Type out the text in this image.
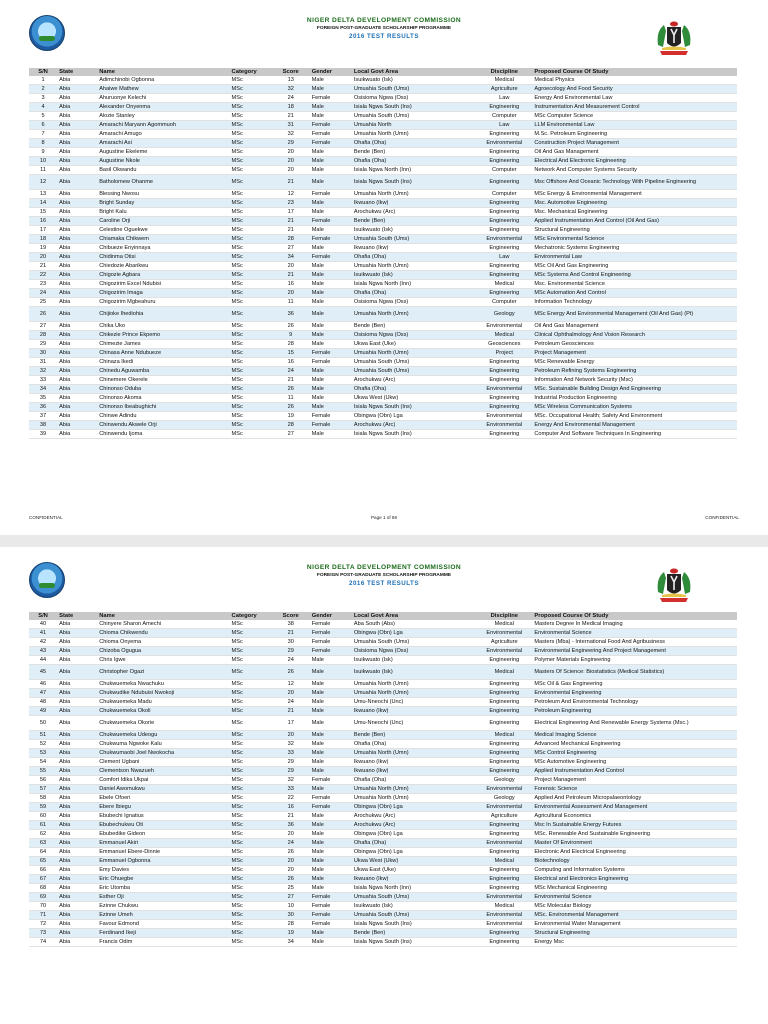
NIGER DELTA DEVELOPMENT COMMISSION
FOREIGN POST-GRADUATE SCHOLARSHIP PROGRAMME
2016 TEST RESULTS
S/N	State	Name	Category	Score	Gender	Local Govt Area	Discipline	Proposed Course Of Study
1	Abia	Adimchinobi Ogbonna	MSc	13	Male	Isuikwuato (Isk)	Medical	Medical Physics
2	Abia	Ahaiwe Mathew	MSc	32	Male	Umuahia South (Ums)	Agriculture	Agroecology And Food Security
3	Abia	Ahuruonye Kelechi	MSc	24	Female	Osisioma Ngwa (Oss)	Law	Energy And Environmental Law
4	Abia	Alexander Onyenma	MSc	18	Male	Isiala Ngwa South (Ins)	Engineering	Instrumentation And Measurement Control
5	Abia	Alozie Stanley	MSc	21	Male	Umuahia South (Ums)	Computer	MSc Computer Science
6	Abia	Amarachi Maryann Agommuoh	MSc	31	Female	Umuahia North	Law	LLM Environmental Law
7	Abia	Amarachi Amugo	MSc	32	Female	Umuahia North (Umn)	Engineering	M.Sc. Petroleum Engineering
8	Abia	Amarachi Asi	MSc	29	Female	Ohafia (Oha)	Environmental	Construction Project Management
9	Abia	Augustine Ekeleme	MSc	20	Male	Bende (Ben)	Engineering	Oil And Gas Management
10	Abia	Augustine Nkole	MSc	20	Male	Ohafia (Oha)	Engineering	Electrical And Electronic Engineering
11	Abia	Basil Okwandu	MSc	20	Male	Isiala Ngwa North (Inn)	Computer	Network And Computer Systems Security
12	Abia	Batholomew Ohanme	MSc	21	Male	Isiala Ngwa South (Ins)	Engineering	Msc Offshore And Oceanic Technology With Pipeline Engineering
13	Abia	Blessing Nwosu	MSc	12	Female	Umuahia North (Umn)	Computer	MSc Energy & Environmental Management
14	Abia	Bright Sunday	MSc	23	Male	Ikwuano (Ikw)	Engineering	Msc. Automotive Engineering
15	Abia	Bright Kalu	MSc	17	Male	Arochukwu (Arc)	Engineering	Msc. Mechanical Engineering
16	Abia	Caroline Orji	MSc	21	Female	Bende (Ben)	Engineering	Applied Instrumentation And Control (Oil And Gas)
17	Abia	Celestine Oguekwe	MSc	21	Male	Isuikwuato (Isk)	Engineering	Structural Engineering
18	Abia	Chiamaka Chikwem	MSc	28	Female	Umuahia South (Ums)	Environmental	MSc Environmental Science
19	Abia	Chibueze Enyinnaya	MSc	27	Male	Ikwuano (Ikw)	Engineering	Mechatronic Systems Engineering
20	Abia	Chidinma Otisi	MSc	34	Female	Ohafia (Oha)	Law	Environmental Law
21	Abia	Chiedozie Abarikwu	MSc	20	Male	Umuahia North (Umn)	Engineering	MSc Oil And Gas Engineering
22	Abia	Chigozie Agbara	MSc	21	Male	Isuikwuato (Isk)	Engineering	MSc Systems And Control Engineering
23	Abia	Chigozirim Excel Ndubisi	MSc	16	Male	Isiala Ngwa North (Inn)	Medical	Msc. Environmental Science
24	Abia	Chigozirim Imaga	MSc	20	Male	Ohafia (Oha)	Engineering	MSc Automation And Control
25	Abia	Chigozirim Mgbeahuru	MSc	11	Male	Osisioma Ngwa (Oss)	Computer	Information Technology
26	Abia	Chijioke Ihediohia	MSc	36	Male	Umuahia North (Umn)	Geology	MSc Energy And Environmental Management (Oil And Gas) (Pt)
27	Abia	Chika Uko	MSc	26	Male	Bende (Ben)	Environmental	Oil And Gas Management
28	Abia	Chikezie Prince Ekpemo	MSc	9	Male	Osisioma Ngwa (Oss)	Medical	Clinical Ophthalmology And Vision Research
29	Abia	Chimezie James	MSc	28	Male	Ukwa East (Uke)	Geosciences	Petroleum Geosciences
30	Abia	Chinasa Anne Ndubueze	MSc	15	Female	Umuahia North (Umn)	Project	Project Management
31	Abia	Chinaza Ikedi	MSc	16	Female	Umuahia South (Ums)	Engineering	MSc Renewable Energy
32	Abia	Chinedu Aguwamba	MSc	24	Male	Umuahia South (Ums)	Engineering	Petroleum Refining Systems Engineering
33	Abia	Chinemere Okerele	MSc	21	Male	Arochukwu (Arc)	Engineering	Information And Network Security (Msc)
34	Abia	Chinonso Oduba	MSc	26	Male	Ohafia (Oha)	Environmental	MSc. Sustainable Building Design And Engineering
35	Abia	Chinonso Akoma	MSc	11	Male	Ukwa West (Ukw)	Engineering	Industrial Production Engineering
36	Abia	Chinonso Ibeabughichi	MSc	26	Male	Isiala Ngwa South (Ins)	Engineering	MSc Wireless Communication Systems
37	Abia	Chinwe Adindu	MSc	19	Female	Obingwa (Obn) Lga	Environmental	MSc. Occupational Health; Safety And Environment
38	Abia	Chinwendu Akwele Orji	MSc	28	Female	Arochukwu (Arc)	Environmental	Energy And Environmental Management
39	Abia	Chinwendu Ijoma	MSc	27	Male	Isiala Ngwa South (Ins)	Engineering	Computer And Software Techniques In Engineering
CONFIDENTIAL	Page 1 of 86	CONFIDENTIAL
NIGER DELTA DEVELOPMENT COMMISSION
FOREIGN POST-GRADUATE SCHOLARSHIP PROGRAMME
2016 TEST RESULTS
S/N	State	Name	Category	Score	Gender	Local Govt Area	Discipline	Proposed Course Of Study
40	Abia	Chinyere Sharon Amechi	MSc	38	Female	Aba South (Abs)	Medical	Masters Degree In Medical Imaging
41	Abia	Chioma Chikwendu	MSc	21	Female	Obingwa (Obn) Lga	Environmental	Environmental Science
42	Abia	Chioma Onyema	MSc	30	Female	Umuahia South (Ums)	Agriculture	Masters (Mba) - International Food And Agribusiness
43	Abia	Chizoba Ogugua	MSc	29	Female	Osisioma Ngwa (Oss)	Environmental	Environmental Engineering And Project Management
44	Abia	Chris Igwe	MSc	24	Male	Isuikwuato (Isk)	Engineering	Polymer Materials Engineering
45	Abia	Christopher Ogazi	MSc	26	Male	Isuikwuato (Isk)	Medical	Masters Of Science: Biostatistics (Medical Statistics)
46	Abia	Chukwuemeka Nwachuku	MSc	12	Male	Umuahia North (Umn)	Engineering	MSc Oil & Gas Engineering
47	Abia	Chukwudike Ndubuisi Nwokoji	MSc	20	Male	Umuahia North (Umn)	Engineering	Environmental Engineering
48	Abia	Chukwuemeka Madu	MSc	24	Male	Umu-Nneochi (Unc)	Engineering	Petroleum And Environmental Technology
49	Abia	Chukwuemeka Okoli	MSc	21	Male	Ikwuano (Ikw)	Engineering	Petroleum Engineering
50	Abia	Chukwuemeka Okorie	MSc	17	Male	Umu-Nneochi (Unc)	Engineering	Electrical Engineering And Renewable Energy Systems (Msc.)
51	Abia	Chukwuemeka Udeogu	MSc	20	Male	Bende (Ben)	Medical	Medical Imaging Science
52	Abia	Chukwuma Ngwoke Kalu	MSc	32	Male	Ohafia (Oha)	Engineering	Advanced Mechanical Engineering
53	Abia	Chukwumaobi Joel Nwokocha	MSc	33	Male	Umuahia North (Umn)	Engineering	MSc Control Engineering
54	Abia	Clement Ugbani	MSc	29	Male	Ikwuano (Ikw)	Engineering	MSc Automotive Engineering
55	Abia	Clementson Nwazueh	MSc	29	Male	Ikwuano (Ikw)	Engineering	Applied Instrumentation And Control
56	Abia	Comfort Idika Ukpai	MSc	32	Female	Ohafia (Oha)	Geology	Project Management
57	Abia	Daniel Awomukwu	MSc	33	Male	Umuahia North (Umn)	Environmental	Forensic Science
58	Abia	Ebele Ofoeri	MSc	22	Female	Umuahia North (Umn)	Geology	Applied And Petroleum Micropalaeontology
59	Abia	Ebere Ibiegu	MSc	16	Female	Obingwa (Obn) Lga	Environmental	Environmental Assessment And Management
60	Abia	Ebubechi Ignatius	MSc	21	Male	Arochukwu (Arc)	Agriculture	Agricultural Economics
61	Abia	Ebubechukwu Oti	MSc	36	Male	Arochukwu (Arc)	Engineering	Msc In Sustainable Energy Futures
62	Abia	Ebubedike Gideon	MSc	20	Male	Obingwa (Obn) Lga	Engineering	MSc. Renewable And Sustainable Engineering
63	Abia	Emmanuel Akiri	MSc	24	Male	Ohafia (Oha)	Environmental	Master Of Environment
64	Abia	Emmanuel Ebere-Dinnie	MSc	26	Male	Obingwa (Obn) Lga	Engineering	Electronic And Electrical Engineering
65	Abia	Emmanuel Ogbonna	MSc	20	Male	Ukwa West (Ukw)	Medical	Biotechnology
66	Abia	Emy Davies	MSc	20	Male	Ukwa East (Uke)	Engineering	Computing and Information Systems
67	Abia	Eric Ohuegbe	MSc	26	Male	Ikwuano (Ikw)	Engineering	Electrical and Electronics Engineering
68	Abia	Eric Utomba	MSc	25	Male	Isiala Ngwa North (Inn)	Engineering	MSc Mechanical Engineering
69	Abia	Esther Oji	MSc	27	Female	Umuahia South (Ums)	Environmental	Environmental Science
70	Abia	Ezinne Chukwu	MSc	10	Female	Isuikwuato (Isk)	Medical	MSc Molecular Biology
71	Abia	Ezinne Umeh	MSc	30	Female	Umuahia South (Ums)	Environmental	MSc. Environmental Management
72	Abia	Favour Edmond	MSc	28	Female	Isiala Ngwa South (Ins)	Environmental	Environmental Water Management
73	Abia	Ferdinand Ikeji	MSc	19	Male	Bende (Ben)	Engineering	Structural Engineering
74	Abia	Francis Odim	MSc	34	Male	Isiala Ngwa South (Ins)	Engineering	Energy Msc
